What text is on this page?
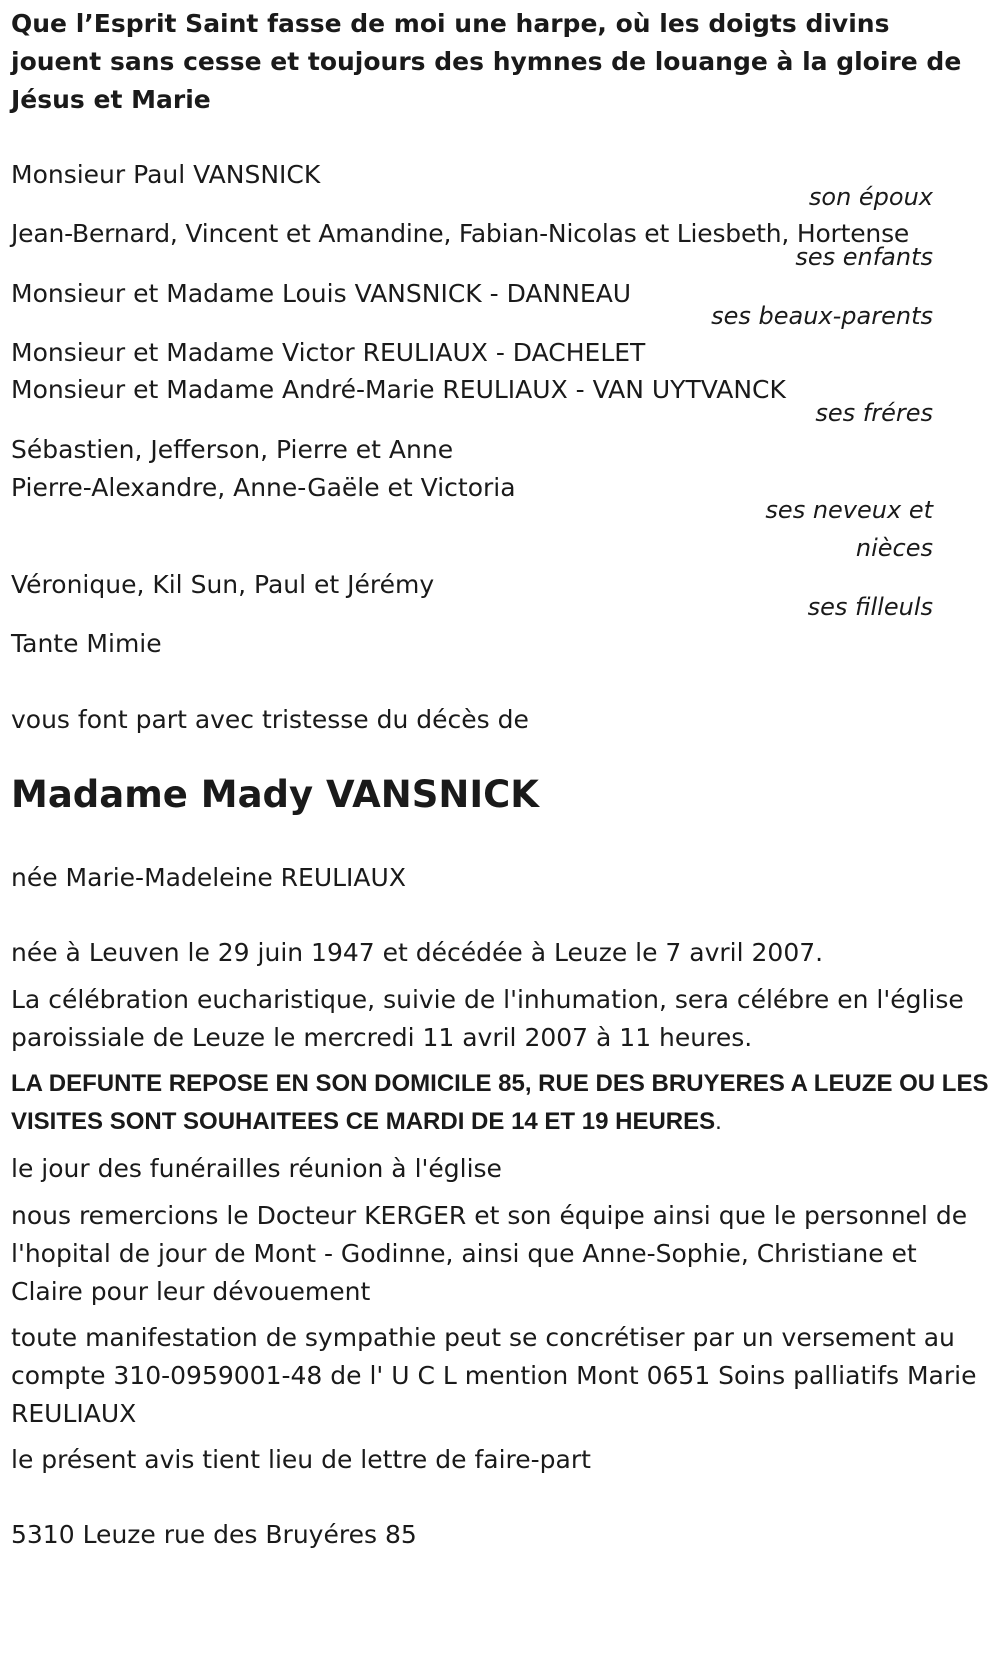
Que l’Esprit Saint fasse de moi une harpe, où les doigts divins jouent sans cesse et toujours des hymnes de louange à la gloire de Jésus et Marie

Monsieur Paul VANSNICK

son époux

Jean-Bernard, Vincent et Amandine, Fabian-Nicolas et Liesbeth, Hortense

ses enfants

Monsieur et Madame Louis VANSNICK - DANNEAU

ses beaux-parents

Monsieur et Madame Victor REULIAUX - DACHELET

Monsieur et Madame André-Marie REULIAUX - VAN UYTVANCK

ses fréres

Sébastien, Jefferson, Pierre et Anne

Pierre-Alexandre, Anne-Gaële et Victoria

ses neveux et

nièces

Véronique, Kil Sun, Paul et Jérémy

ses filleuls

Tante Mimie

vous font part avec tristesse du décès de

Madame Mady VANSNICK

née Marie-Madeleine REULIAUX

née à Leuven le 29 juin 1947 et décédée à Leuze le 7 avril 2007.

La célébration eucharistique, suivie de l'inhumation, sera célébre en l'église paroissiale de Leuze le mercredi 11 avril 2007 à 11 heures.

LA DEFUNTE REPOSE EN SON DOMICILE 85, RUE DES BRUYERES A LEUZE OU LES VISITES SONT SOUHAITEES CE MARDI DE 14 ET 19 HEURES.

le jour des funérailles réunion à l'église

nous remercions le Docteur KERGER et son équipe ainsi que le personnel de l'hopital de jour de Mont - Godinne, ainsi que Anne-Sophie, Christiane et Claire pour leur dévouement

toute manifestation de sympathie peut se concrétiser par un versement au compte 310-0959001-48 de l' U C L mention Mont 0651 Soins palliatifs Marie REULIAUX

le présent avis tient lieu de lettre de faire-part

5310 Leuze rue des Bruyéres 85
